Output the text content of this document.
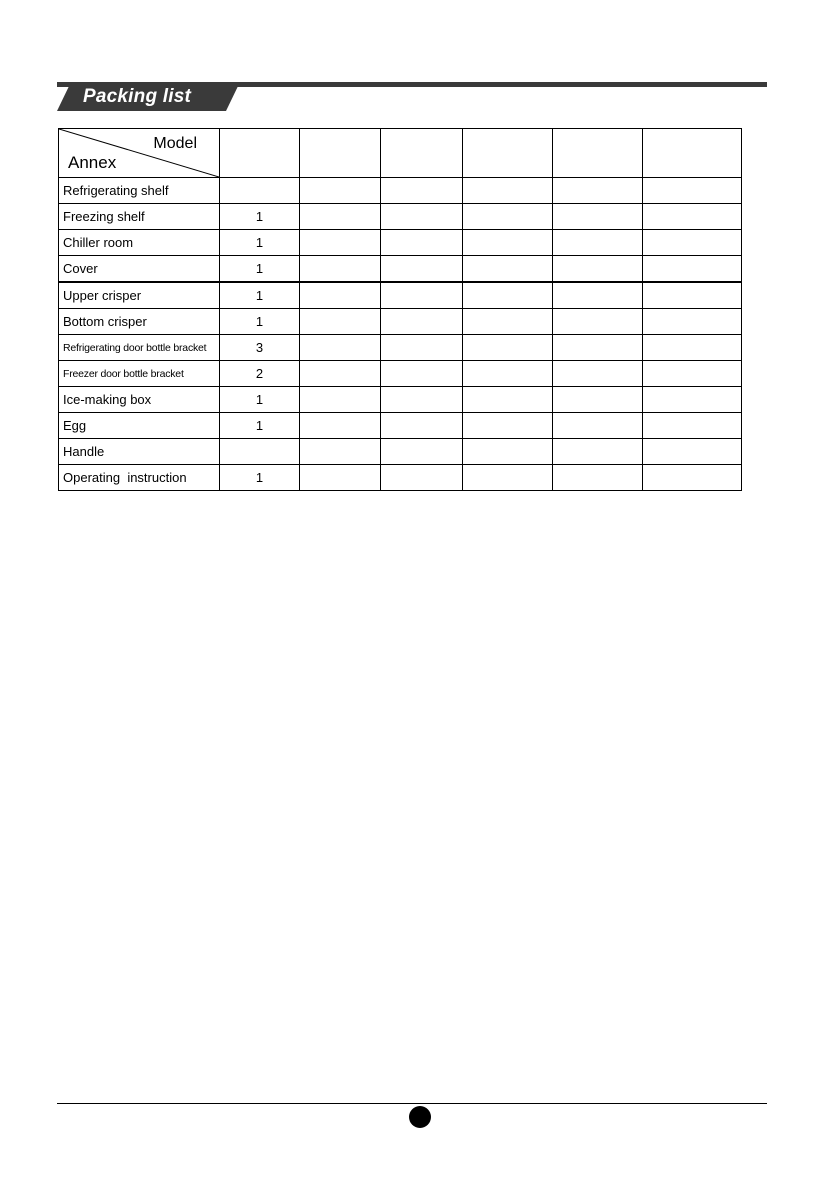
Packing list
Model
Annex						

Refrigerating shelf						
Freezing shelf	1					
Chiller room	1					
Cover	1					
Upper crisper	1					
Bottom crisper	1					
Refrigerating door bottle bracket	3					
Freezer door bottle bracket	2					
Ice-making box	1					
Egg	1					
Handle						
Operating  instruction	1					
